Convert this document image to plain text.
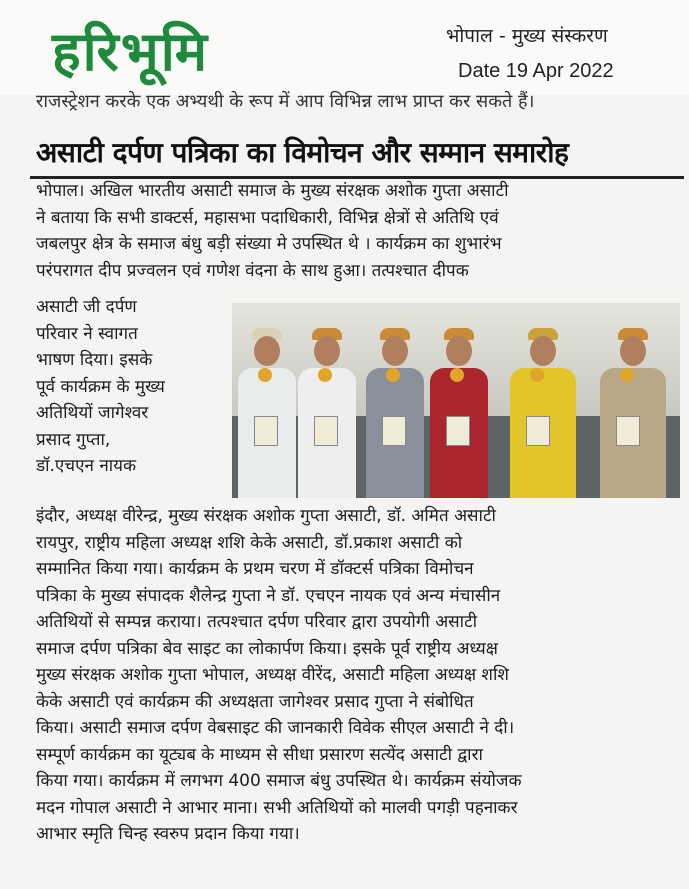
हरिभूमि	भोपाल - मुख्य संस्करण
Date 19 Apr 2022
राजस्ट्रेशन करके एक अभ्यथी के रूप में आप विभिन्न लाभ प्राप्त कर सकते हैं।
असाटी दर्पण पत्रिका का विमोचन और सम्मान समारोह
भोपाल। अखिल भारतीय असाटी समाज के मुख्य संरक्षक अशोक गुप्ता असाटी
ने बताया कि सभी डाक्टर्स, महासभा पदाधिकारी, विभिन्न क्षेत्रों से अतिथि एवं
जबलपुर क्षेत्र के समाज बंधु बड़ी संख्या मे उपस्थित थे । कार्यक्रम का शुभारंभ
परंपरागत दीप प्रज्वलन एवं गणेश वंदना के साथ हुआ। तत्पश्चात दीपक
असाटी जी दर्पण
परिवार ने स्वागत
भाषण दिया। इसके
पूर्व कार्यक्रम के मुख्य
अतिथियों जागेश्वर
प्रसाद गुप्ता,
डॉ.एचएन नायक
इंदौर, अध्यक्ष वीरेन्द्र, मुख्य संरक्षक अशोक गुप्ता असाटी, डॉ. अमित असाटी
रायपुर, राष्ट्रीय महिला अध्यक्ष शशि केके असाटी, डॉ.प्रकाश असाटी को
सम्मानित किया गया। कार्यक्रम के प्रथम चरण में डॉक्टर्स पत्रिका विमोचन
पत्रिका के मुख्य संपादक शैलेन्द्र गुप्ता ने डॉ. एचएन नायक एवं अन्य मंचासीन
अतिथियों से सम्पन्न कराया। तत्पश्चात दर्पण परिवार द्वारा उपयोगी असाटी
समाज दर्पण पत्रिका बेव साइट का लोकार्पण किया। इसके पूर्व राष्ट्रीय अध्यक्ष
मुख्य संरक्षक अशोक गुप्ता भोपाल, अध्यक्ष वीरेंद, असाटी महिला अध्यक्ष शशि
केके असाटी एवं कार्यक्रम की अध्यक्षता जागेश्वर प्रसाद गुप्ता ने संबोधित
किया। असाटी समाज दर्पण वेबसाइट की जानकारी विवेक सीएल असाटी ने दी।
सम्पूर्ण कार्यक्रम का यूट्यब के माध्यम से सीधा प्रसारण सत्येंद असाटी द्वारा
किया गया। कार्यक्रम में लगभग 400 समाज बंधु उपस्थित थे। कार्यक्रम संयोजक
मदन गोपाल असाटी ने आभार माना। सभी अतिथियों को मालवी पगड़ी पहनाकर
आभार स्मृति चिन्ह स्वरुप प्रदान किया गया।
